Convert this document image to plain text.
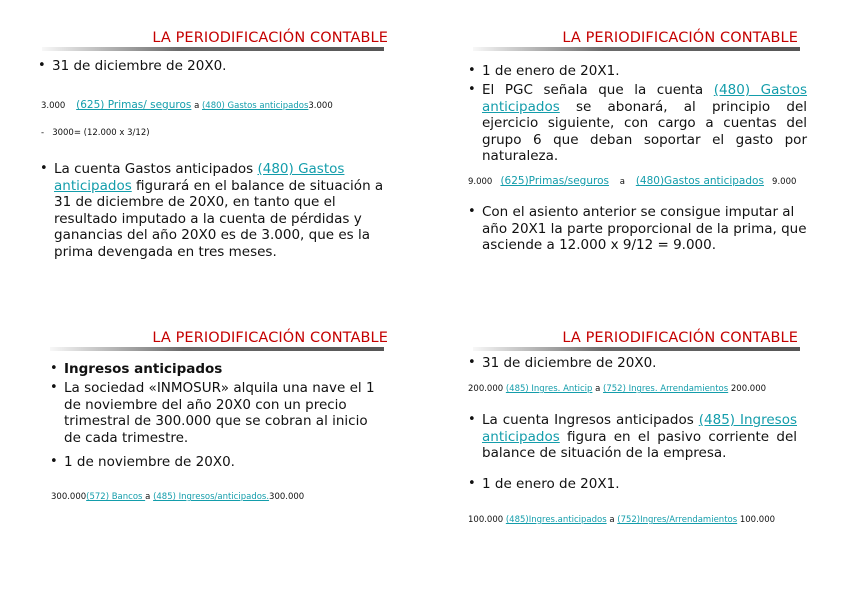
LA PERIODIFICACIÓN CONTABLE
• 31 de diciembre de 20X0.
3.000 (625) Primas/ seguros a (480) Gastos anticipados3.000
-   3000= (12.000 x 3/12)
• La cuenta Gastos anticipados (480) Gastos anticipados figurará en el balance de situación a 31 de diciembre de 20X0, en tanto que el resultado imputado a la cuenta de pérdidas y ganancias del año 20X0 es de 3.000, que es la prima devengada en tres meses.
LA PERIODIFICACIÓN CONTABLE
• 1 de enero de 20X1.
• El PGC señala que la cuenta (480) Gastos anticipados se abonará, al principio del ejercicio siguiente, con cargo a cuentas del grupo 6 que deban soportar el gasto por naturaleza.
9.000 (625)Primas/seguros a (480)Gastos anticipados 9.000
• Con el asiento anterior se consigue imputar al año 20X1 la parte proporcional de la prima, que asciende a 12.000 x 9/12 = 9.000.
LA PERIODIFICACIÓN CONTABLE
• Ingresos anticipados
• La sociedad «INMOSUR» alquila una nave el 1 de noviembre del año 20X0 con un precio trimestral de 300.000 que se cobran al inicio de cada trimestre.
• 1 de noviembre de 20X0.
300.000(572) Bancos a (485) Ingresos/anticipados.300.000
LA PERIODIFICACIÓN CONTABLE
• 31 de diciembre de 20X0.
200.000 (485) Ingres. Anticip a (752) Ingres. Arrendamientos 200.000
• La cuenta Ingresos anticipados (485) Ingresos anticipados figura en el pasivo corriente del balance de situación de la empresa.
• 1 de enero de 20X1.
100.000 (485)Ingres.anticipados a (752)Ingres/Arrendamientos 100.000
